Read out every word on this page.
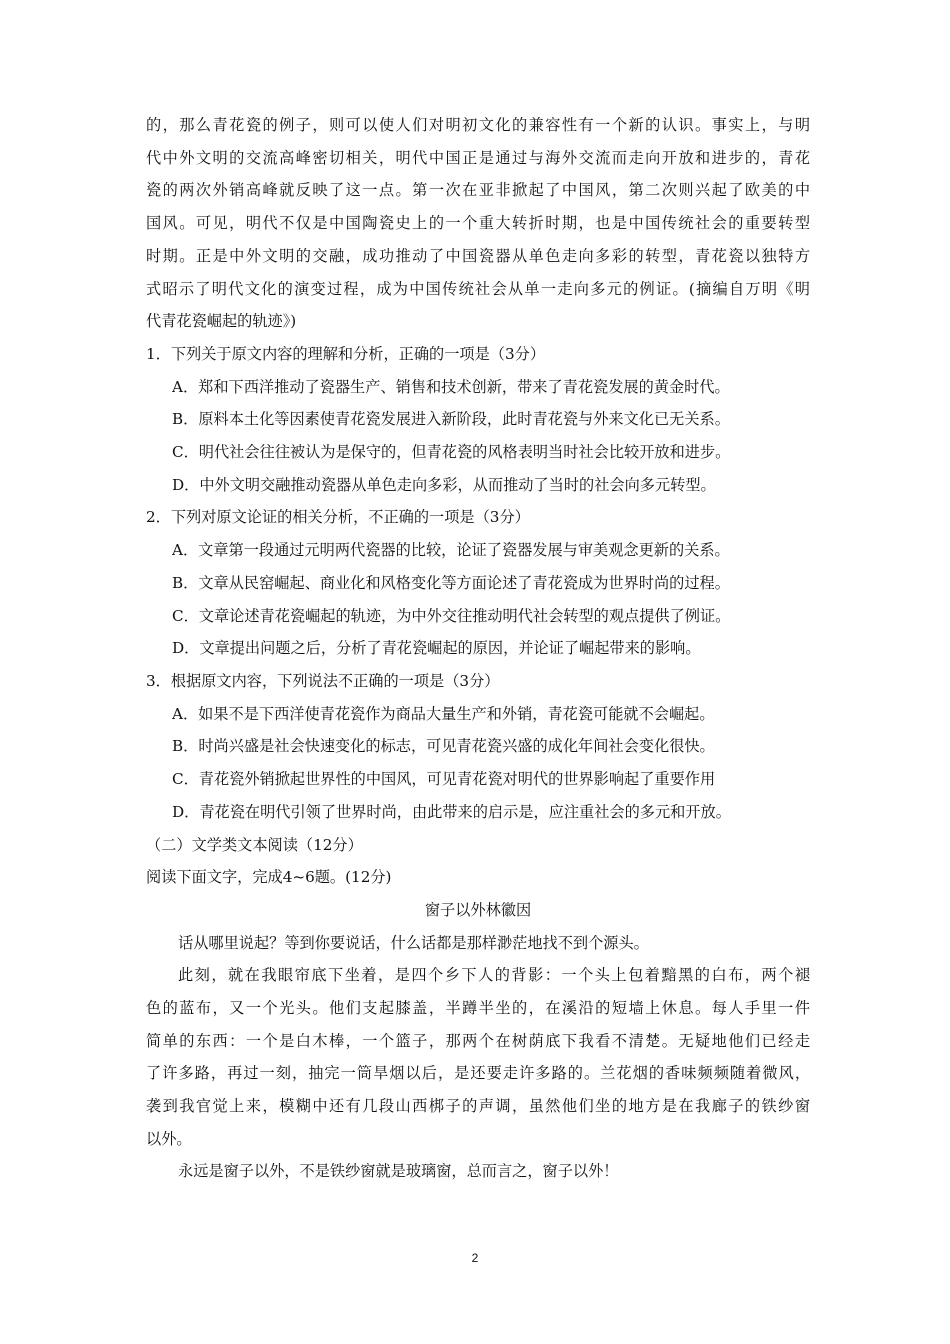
的，那么青花瓷的例子，则可以使人们对明初文化的兼容性有一个新的认识。事实上，与明
代中外文明的交流高峰密切相关，明代中国正是通过与海外交流而走向开放和进步的，青花
瓷的两次外销高峰就反映了这一点。第一次在亚非掀起了中国风，第二次则兴起了欧美的中
国风。可见，明代不仅是中国陶瓷史上的一个重大转折时期，也是中国传统社会的重要转型
时期。正是中外文明的交融，成功推动了中国瓷器从单色走向多彩的转型，青花瓷以独特方
式昭示了明代文化的演变过程，成为中国传统社会从单一走向多元的例证。(摘编自万明《明
代青花瓷崛起的轨迹》)
1．下列关于原文内容的理解和分析，正确的一项是（3分）
A．郑和下西洋推动了瓷器生产、销售和技术创新，带来了青花瓷发展的黄金时代。
B．原料本土化等因素使青花瓷发展进入新阶段，此时青花瓷与外来文化已无关系。
C．明代社会往往被认为是保守的，但青花瓷的风格表明当时社会比较开放和进步。
D．中外文明交融推动瓷器从单色走向多彩，从而推动了当时的社会向多元转型。
2．下列对原文论证的相关分析，不正确的一项是（3分）
A．文章第一段通过元明两代瓷器的比较，论证了瓷器发展与审美观念更新的关系。
B．文章从民窑崛起、商业化和风格变化等方面论述了青花瓷成为世界时尚的过程。
C．文章论述青花瓷崛起的轨迹，为中外交往推动明代社会转型的观点提供了例证。
D．文章提出问题之后，分析了青花瓷崛起的原因，并论证了崛起带来的影响。
3．根据原文内容，下列说法不正确的一项是（3分）
A．如果不是下西洋使青花瓷作为商品大量生产和外销，青花瓷可能就不会崛起。
B．时尚兴盛是社会快速变化的标志，可见青花瓷兴盛的成化年间社会变化很快。
C．青花瓷外销掀起世界性的中国风，可见青花瓷对明代的世界影响起了重要作用
D．青花瓷在明代引领了世界时尚，由此带来的启示是，应注重社会的多元和开放。
（二）文学类文本阅读（12分）
阅读下面文字，完成4~6题。(12分)
窗子以外林徽因
话从哪里说起？等到你要说话，什么话都是那样渺茫地找不到个源头。
此刻，就在我眼帘底下坐着，是四个乡下人的背影：一个头上包着黯黑的白布，两个褪
色的蓝布，又一个光头。他们支起膝盖，半蹲半坐的，在溪沿的短墙上休息。每人手里一件
简单的东西：一个是白木棒，一个篮子，那两个在树荫底下我看不清楚。无疑地他们已经走
了许多路，再过一刻，抽完一筒旱烟以后，是还要走许多路的。兰花烟的香味频频随着微风，
袭到我官觉上来，模糊中还有几段山西梆子的声调，虽然他们坐的地方是在我廊子的铁纱窗
以外。
永远是窗子以外，不是铁纱窗就是玻璃窗，总而言之，窗子以外！
2
